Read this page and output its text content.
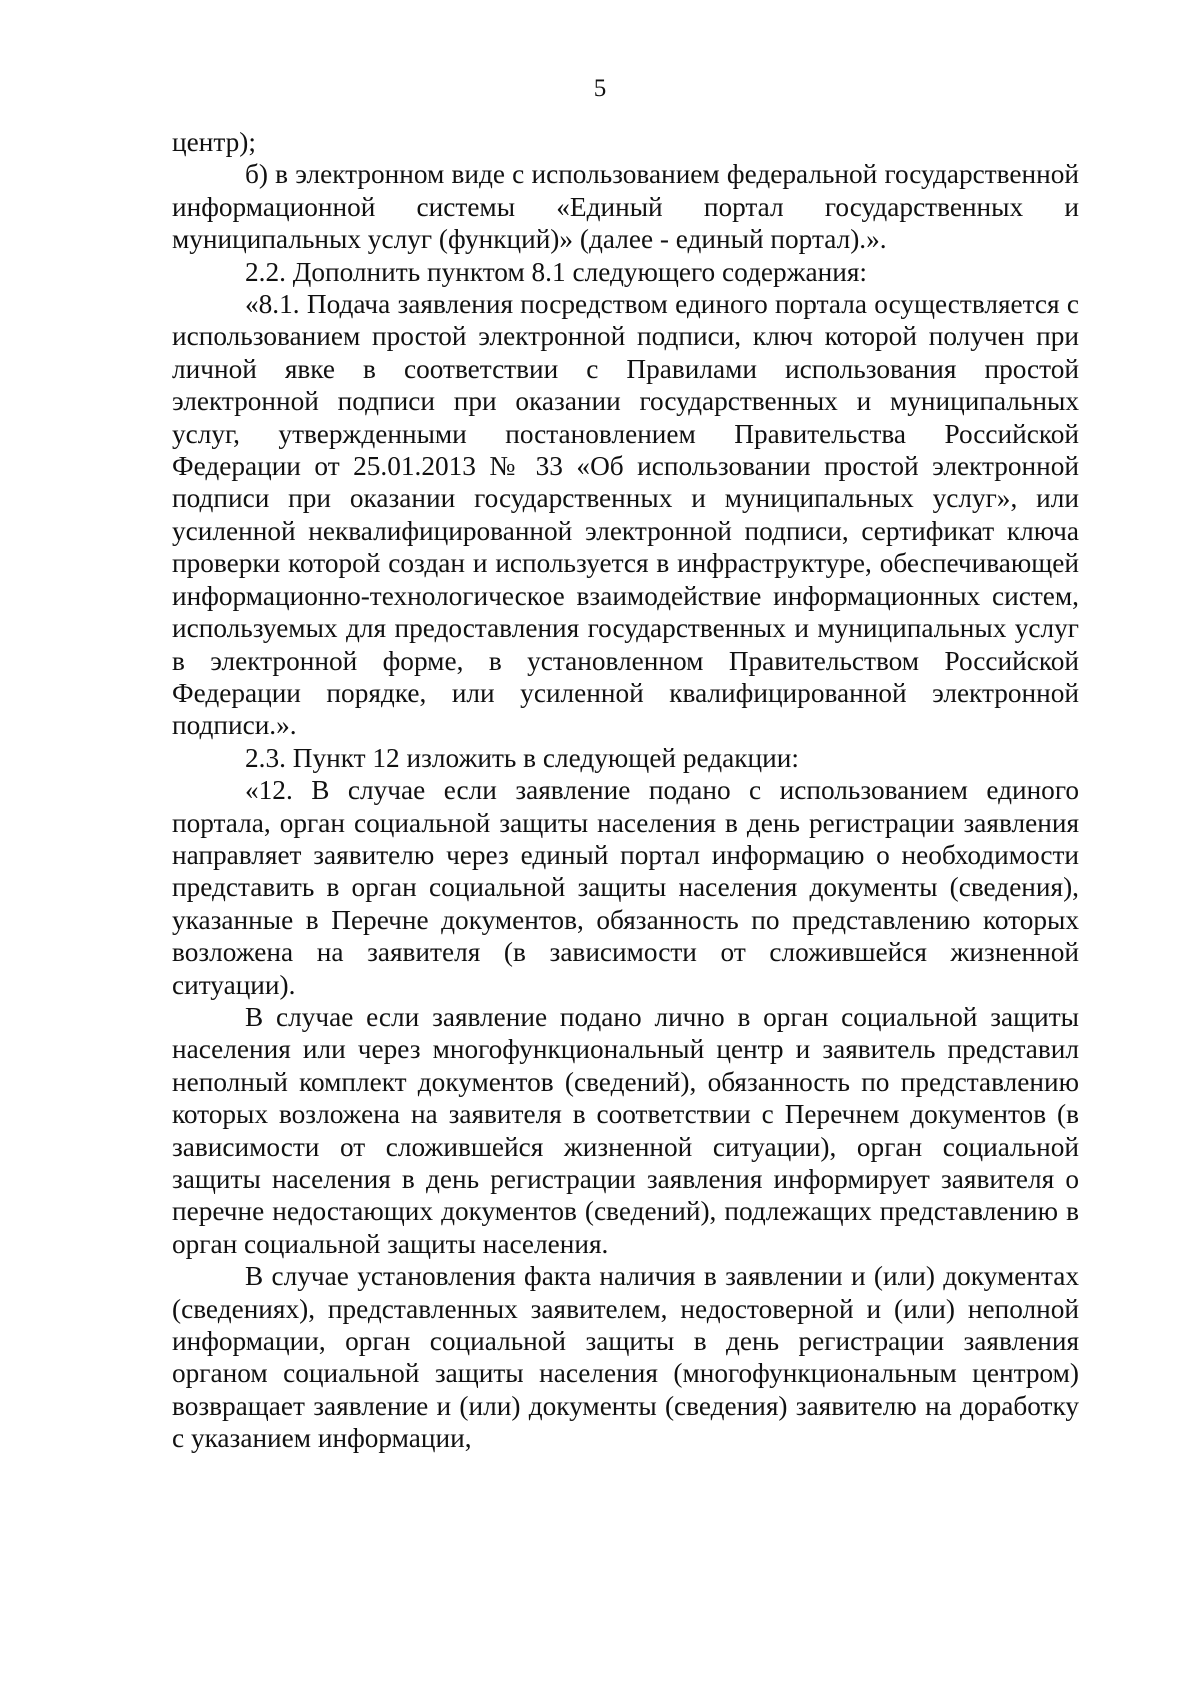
5

центр);

б) в электронном виде с использованием федеральной государственной информационной системы «Единый портал государственных и муниципальных услуг (функций)» (далее - единый портал).».

2.2. Дополнить пунктом 8.1 следующего содержания:

«8.1. Подача заявления посредством единого портала осуществляется с использованием простой электронной подписи, ключ которой получен при личной явке в соответствии с Правилами использования простой электронной подписи при оказании государственных и муниципальных услуг, утвержденными постановлением Правительства Российской Федерации от 25.01.2013 № 33 «Об использовании простой электронной подписи при оказании государственных и муниципальных услуг», или усиленной неквалифицированной электронной подписи, сертификат ключа проверки которой создан и используется в инфраструктуре, обеспечивающей информационно-технологическое взаимодействие информационных систем, используемых для предоставления государственных и муниципальных услуг в электронной форме, в установленном Правительством Российской Федерации порядке, или усиленной квалифицированной электронной подписи.».

2.3. Пункт 12 изложить в следующей редакции:

«12. В случае если заявление подано с использованием единого портала, орган социальной защиты населения в день регистрации заявления направляет заявителю через единый портал информацию о необходимости представить в орган социальной защиты населения документы (сведения), указанные в Перечне документов, обязанность по представлению которых возложена на заявителя (в зависимости от сложившейся жизненной ситуации).

В случае если заявление подано лично в орган социальной защиты населения или через многофункциональный центр и заявитель представил неполный комплект документов (сведений), обязанность по представлению которых возложена на заявителя в соответствии с Перечнем документов (в зависимости от сложившейся жизненной ситуации), орган социальной защиты населения в день регистрации заявления информирует заявителя о перечне недостающих документов (сведений), подлежащих представлению в орган социальной защиты населения.

В случае установления факта наличия в заявлении и (или) документах (сведениях), представленных заявителем, недостоверной и (или) неполной информации, орган социальной защиты в день регистрации заявления органом социальной защиты населения (многофункциональным центром) возвращает заявление и (или) документы (сведения) заявителю на доработку с указанием информации,
